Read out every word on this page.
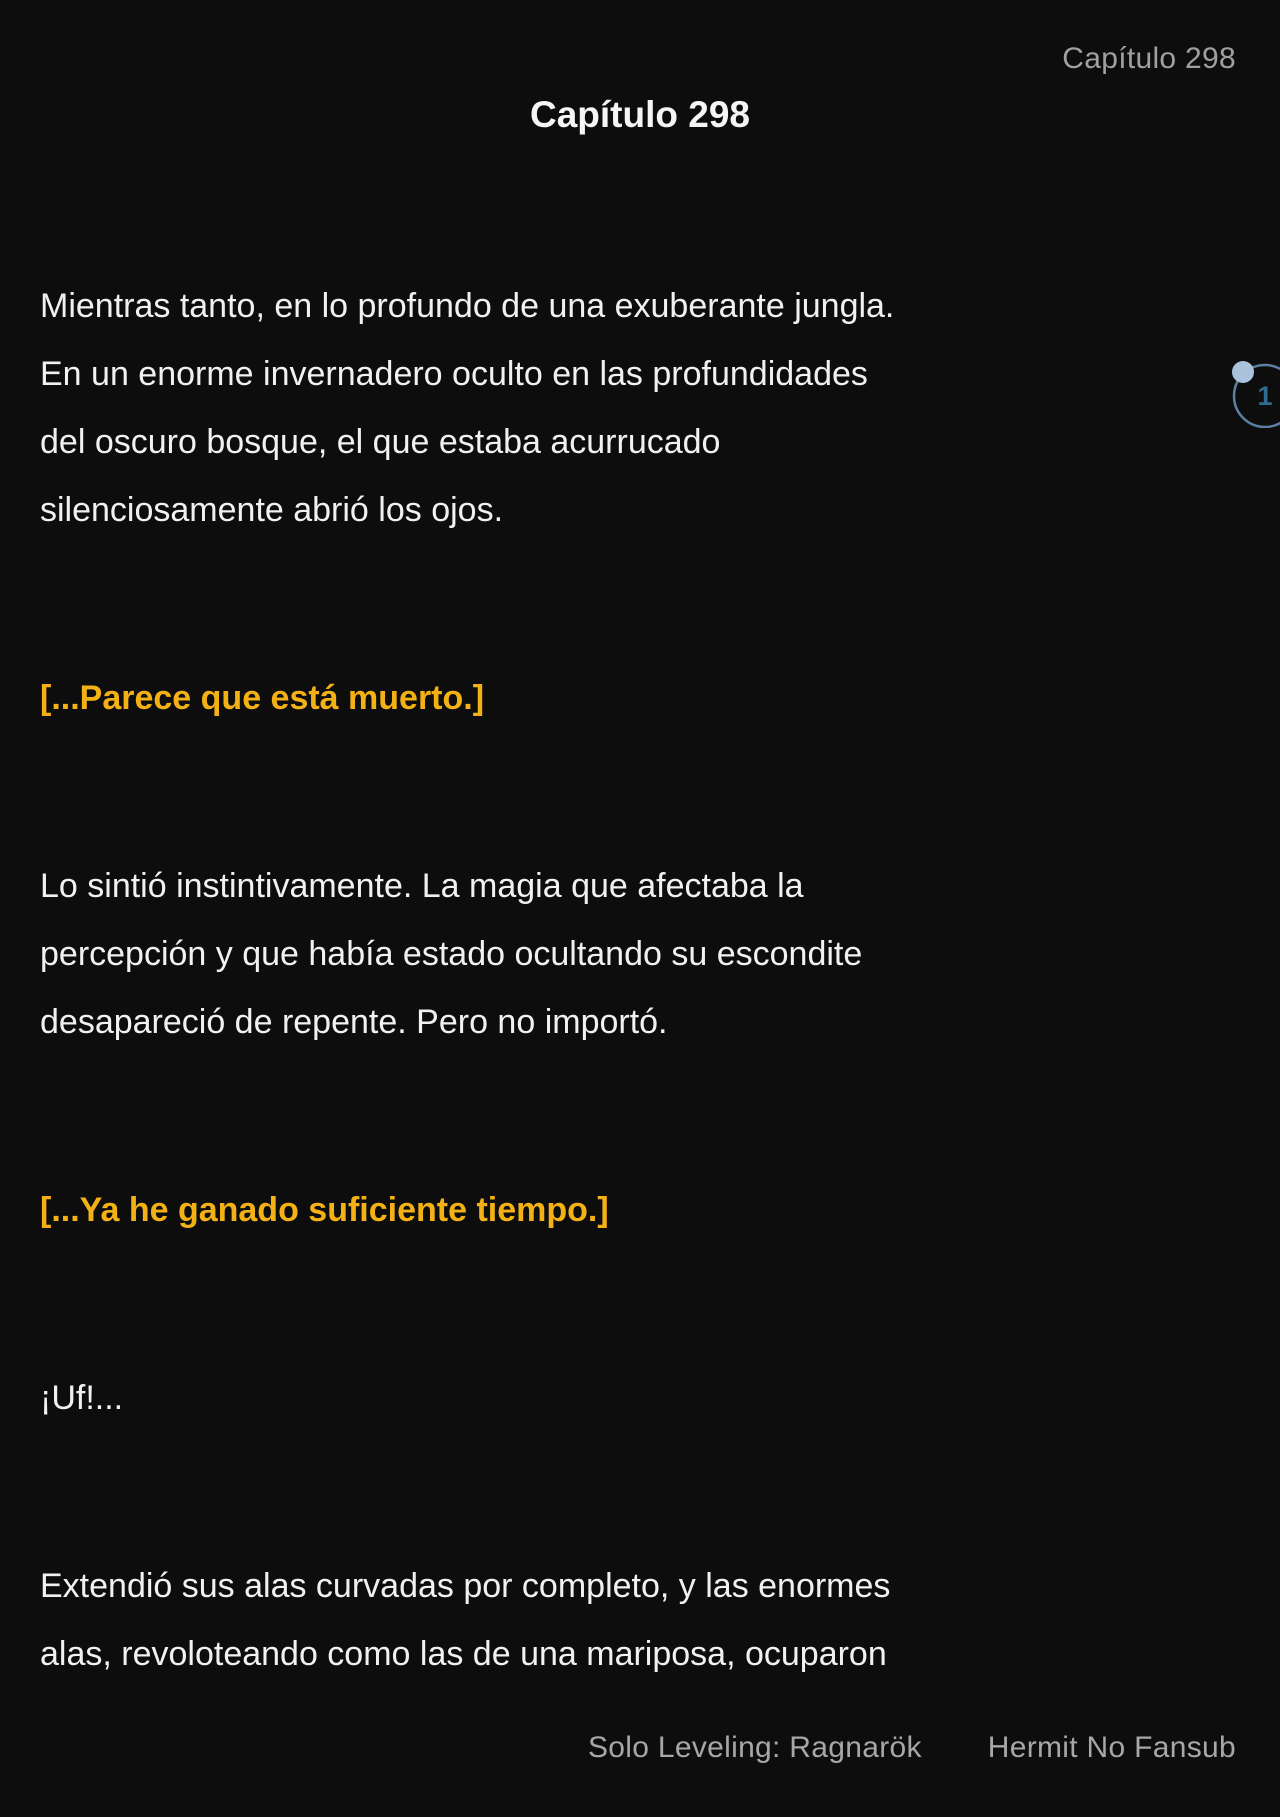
Capítulo 298
Capítulo 298
Mientras tanto, en lo profundo de una exuberante jungla.
En un enorme invernadero oculto en las profundidades
del oscuro bosque, el que estaba acurrucado
silenciosamente abrió los ojos.
[...Parece que está muerto.]
Lo sintió instintivamente. La magia que afectaba la
percepción y que había estado ocultando su escondite
desapareció de repente. Pero no importó.
[...Ya he ganado suficiente tiempo.]
¡Uf!...
Extendió sus alas curvadas por completo, y las enormes
alas, revoloteando como las de una mariposa, ocuparon
1
Solo Leveling: Ragnarök Hermit No Fansub
